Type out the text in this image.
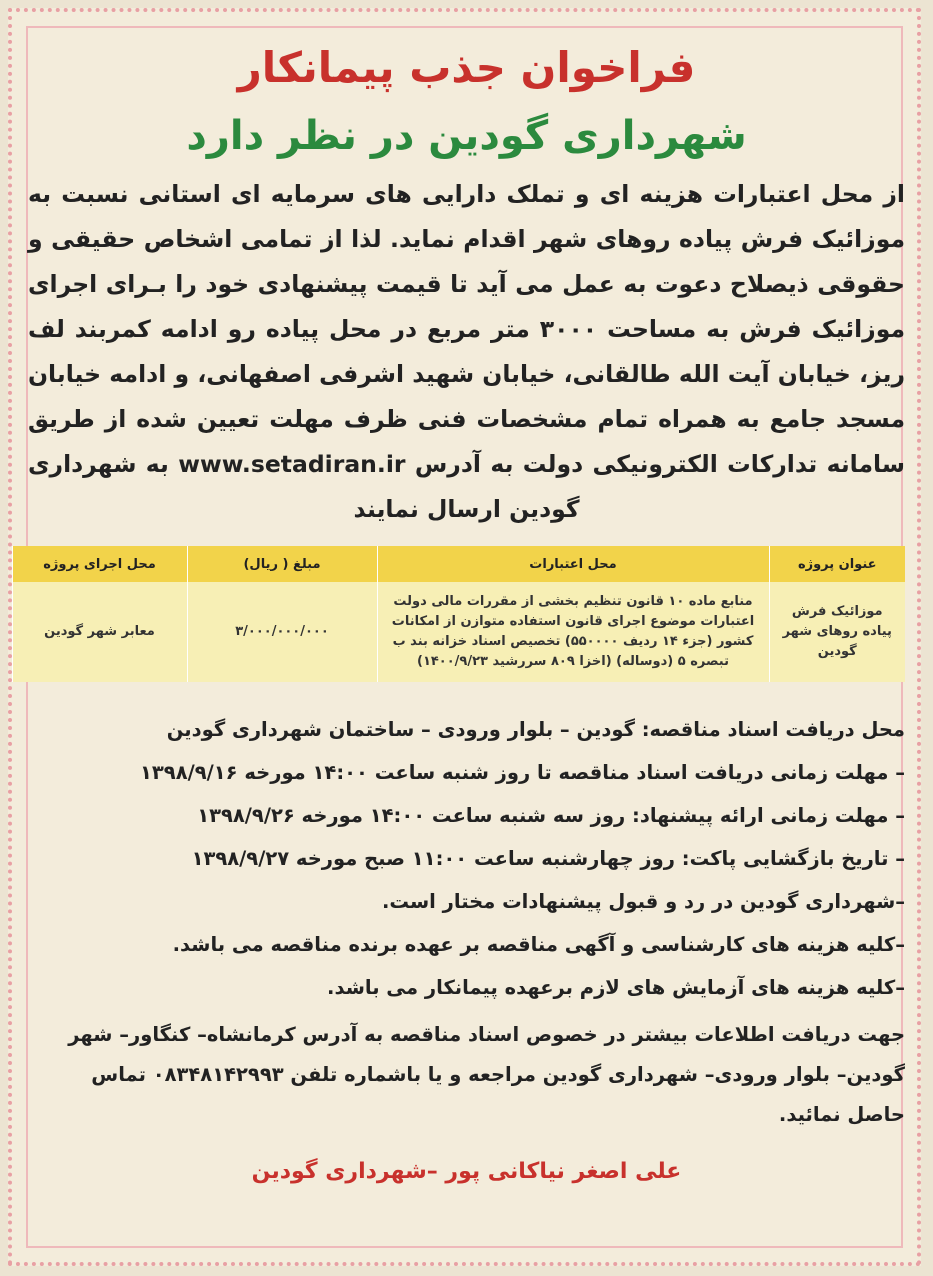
فراخوان جذب پیمانکار
شهرداری گودین در نظر دارد

از محل اعتبارات هزینه ای و تملک دارایی های سرمایه ای استانی نسبت به موزائیک فرش پیاده روهای شهر اقدام نماید. لذا از تمامی اشخاص حقیقی و حقوقی ذیصلاح دعوت به عمل می آید تا قیمت پیشنهادی خود را بـرای اجرای موزائیک فرش به مساحت ۳۰۰۰ متر مربع در محل پیاده رو ادامه کمربند لف ریز، خیابان آیت الله طالقانی، خیابان شهید اشرفی اصفهانی، و ادامه خیابان مسجد جامع به همراه تمام مشخصات فنی ظرف مهلت تعیین شده از طریق سامانه تدارکات الکترونیکی دولت به آدرس www.setadiran.ir به شهرداری گودین ارسال نمایند

عنوان پروژه	محل اعتبارات	مبلغ ( ریال)	محل اجرای پروژه
موزائیک فرش پیاده روهای شهر گودین	منابع ماده ۱۰ قانون تنظیم بخشی از مقررات مالی دولت اعتبارات موضوع اجرای قانون استفاده متوازن از امکانات کشور (جزء ۱۴ ردیف ۵۵۰۰۰۰) تخصیص اسناد خزانه بند ب تبصره ۵ (دوساله) (اخزا ۸۰۹ سررشید ۱۴۰۰/۹/۲۳)	۳/۰۰۰/۰۰۰/۰۰۰	معابر شهر گودین

محل دریافت اسناد مناقصه: گودین – بلوار ورودی – ساختمان شهرداری گودین

– مهلت زمانی دریافت اسناد مناقصه تا روز شنبه ساعت ۱۴:۰۰ مورخه ۱۳۹۸/۹/۱۶

– مهلت زمانی ارائه پیشنهاد: روز سه شنبه ساعت ۱۴:۰۰ مورخه ۱۳۹۸/۹/۲۶

– تاریخ بازگشایی پاکت: روز چهارشنبه ساعت ۱۱:۰۰ صبح مورخه ۱۳۹۸/۹/۲۷

–شهرداری گودین در رد و قبول پیشنهادات مختار است.

–کلیه هزینه های کارشناسی و آگهی مناقصه بر عهده برنده مناقصه می باشد.

–کلیه هزینه های آزمایش های لازم برعهده پیمانکار می باشد.

جهت دریافت اطلاعات بیشتر در خصوص اسناد مناقصه به آدرس کرمانشاه– کنگاور– شهر گودین– بلوار ورودی– شهرداری گودین مراجعه و یا باشماره تلفن ۰۸۳۴۸۱۴۲۹۹۳ تماس حاصل نمائید.

علی اصغر نیاکانی پور –شهرداری گودین
